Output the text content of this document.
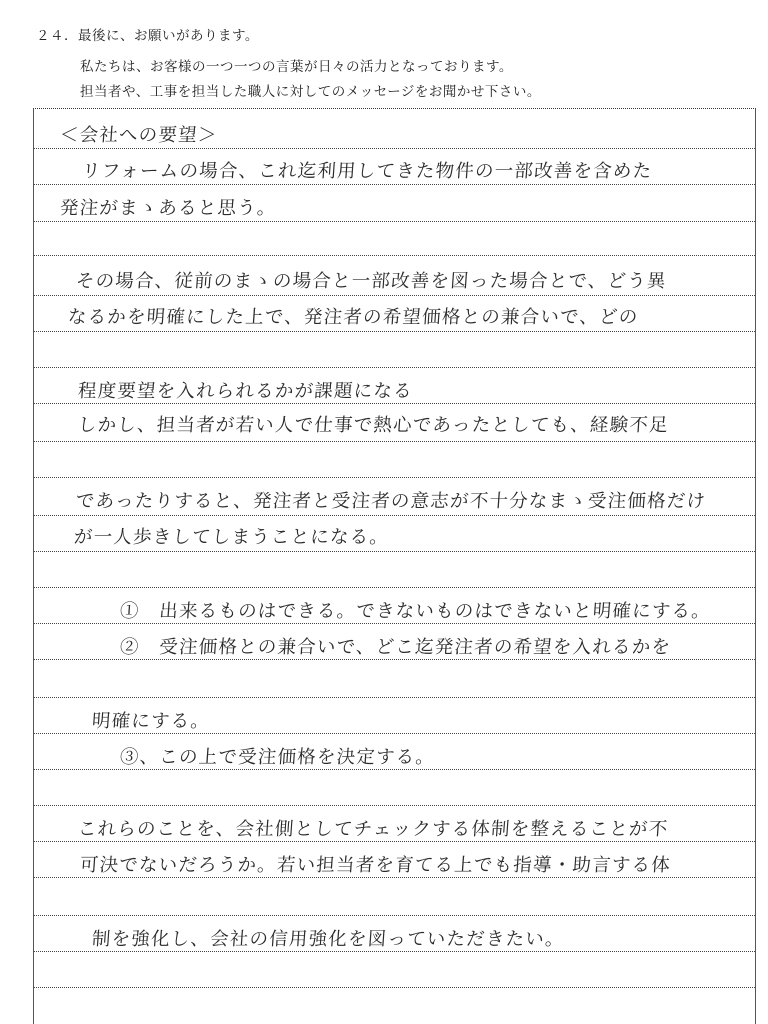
２４．最後に、お願いがあります。
私たちは、お客様の一つ一つの言葉が日々の活力となっております。
担当者や、工事を担当した職人に対してのメッセージをお聞かせ下さい。
＜会社への要望＞
リフォームの場合、これ迄利用してきた物件の一部改善を含めた
発注がまゝあると思う。
その場合、従前のまゝの場合と一部改善を図った場合とで、どう異
なるかを明確にした上で、発注者の希望価格との兼合いで、どの
程度要望を入れられるかが課題になる
しかし、担当者が若い人で仕事で熱心であったとしても、経験不足
であったりすると、発注者と受注者の意志が不十分なまゝ受注価格だけ
が一人歩きしてしまうことになる。
①　出来るものはできる。できないものはできないと明確にする。
②　受注価格との兼合いで、どこ迄発注者の希望を入れるかを
明確にする。
③、この上で受注価格を決定する。
これらのことを、会社側としてチェックする体制を整えることが不
可決でないだろうか。若い担当者を育てる上でも指導・助言する体
制を強化し、会社の信用強化を図っていただきたい。
